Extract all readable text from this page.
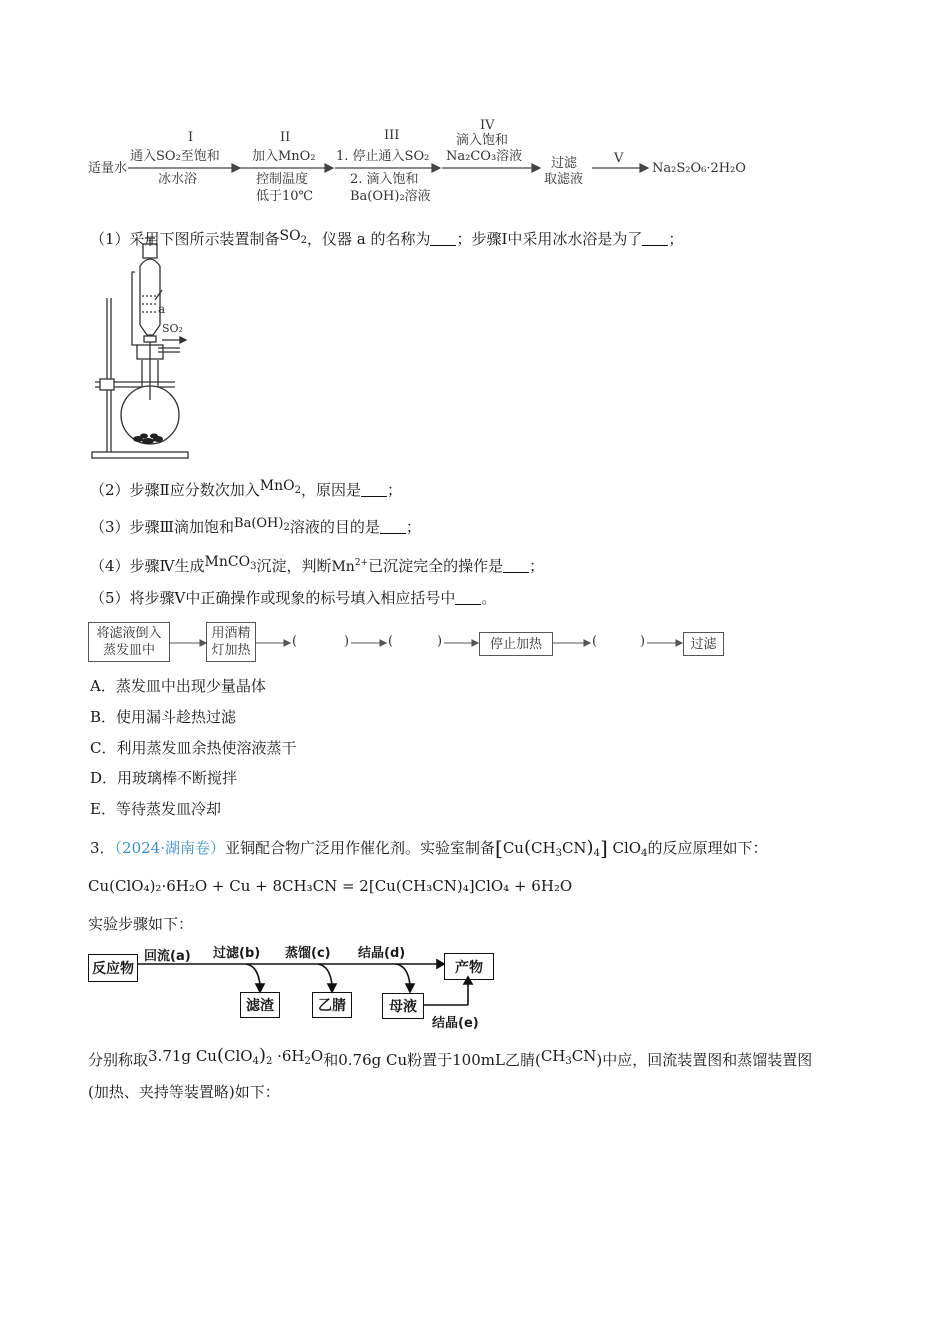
适量水
I
通入SO₂至饱和
冰水浴
II
加入MnO₂
控制温度
低于10℃
III
1. 停止通入SO₂
2. 滴入饱和
Ba(OH)₂溶液
IV
滴入饱和
Na₂CO₃溶液 过滤
取滤液
V
Na₂S₂O₆·2H₂O
（1）采用下图所示装置制备$SO_2$，仪器 a 的名称为 ；步骤Ⅰ中采用冰水浴是为了 ；
a
SO₂
（2）步骤Ⅱ应分数次加入MnO$_2$，原因是 ；
（3）步骤Ⅲ滴加饱和$Ba(OH)_2$溶液的目的是 ；
（4）步骤Ⅳ生成MnCO$_3$沉淀，判断$Mn^{2+}$已沉淀完全的操作是 ；
（5）将步骤Ⅴ中正确操作或现象的标号填入相应括号中 。
将滤液倒入
蒸发皿中
用酒精
灯加热
(	)	(	)	停止加热	(	)	过滤
A．蒸发皿中出现少量晶体
B．使用漏斗趁热过滤
C．利用蒸发皿余热使溶液蒸干
D．用玻璃棒不断搅拌
E．等待蒸发皿冷却
3．（2024·湖南卷）亚铜配合物广泛用作催化剂。实验室制备$[Cu(CH_3CN)_4]$ ClO$_4$的反应原理如下：
Cu(ClO₄)₂·6H₂O + Cu + 8CH₃CN = 2[Cu(CH₃CN)₄]ClO₄ + 6H₂O
实验步骤如下：
反应物
回流(a) 过滤(b) 蒸馏(c) 结晶(d)
产物
滤渣	乙腈	母液
结晶(e)
分别称取3.71g $Cu(ClO_4)_2 \cdot 6H_2O$和0.76g Cu粉置于100mL乙腈$(CH_3CN)$中应，回流装置图和蒸馏装置图
(加热、夹持等装置略)如下：
